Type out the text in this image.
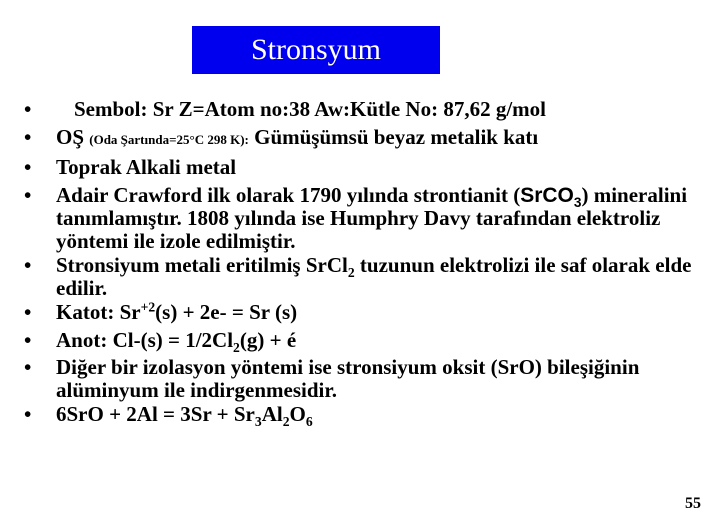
Stronsyum
• Sembol: Sr Z=Atom no:38 Aw:Kütle No: 87,62 g/mol
• OŞ (Oda Şartında=25°C 298 K): Gümüşümsü beyaz metalik katı
• Toprak Alkali metal
• Adair Crawford ilk olarak 1790 yılında strontianit (SrCO$_3$) mineralini tanımlamıştır. 1808 yılında ise Humphry Davy tarafından elektroliz yöntemi ile izole edilmiştir.
• Stronsiyum metali eritilmiş SrCl$_2$ tuzunun elektrolizi ile saf olarak elde edilir.
• Katot: $Sr^{+2}(s) + 2e- = Sr$ (s)
• Anot: $Cl-(s) = 1/2Cl_2(g)$ + é
• Diğer bir izolasyon yöntemi ise stronsiyum oksit (SrO) bileşiğinin alüminyum ile indirgenmesidir.
• $6SrO + 2Al = 3Sr + Sr_3Al_2O_6$
55
